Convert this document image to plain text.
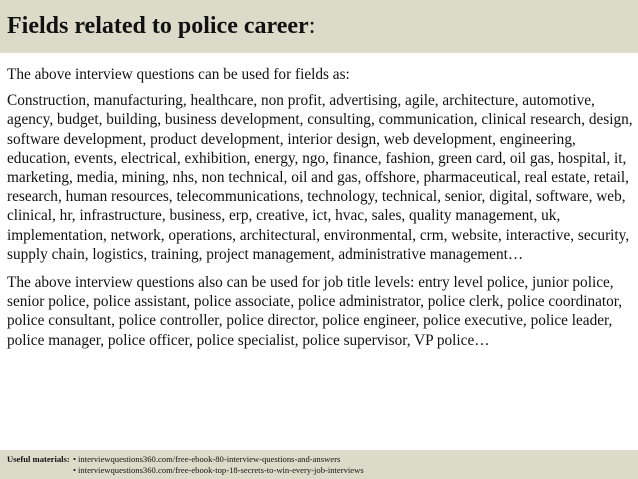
Fields related to police career:

The above interview questions can be used for fields as:

Construction, manufacturing, healthcare, non profit, advertising, agile, architecture, automotive, agency, budget, building, business development, consulting, communication, clinical research, design, software development, product development, interior design, web development, engineering, education, events, electrical, exhibition, energy, ngo, finance, fashion, green card, oil gas, hospital, it, marketing, media, mining, nhs, non technical, oil and gas, offshore, pharmaceutical, real estate, retail, research, human resources, telecommunications, technology, technical, senior, digital, software, web, clinical, hr, infrastructure, business, erp, creative, ict, hvac, sales, quality management, uk, implementation, network, operations, architectural, environmental, crm, website, interactive, security, supply chain, logistics, training, project management, administrative management…

The above interview questions also can be used for job title levels: entry level police, junior police, senior police, police assistant, police associate, police administrator, police clerk, police coordinator, police consultant, police controller, police director, police engineer, police executive, police leader, police manager, police officer, police specialist, police supervisor, VP police…

Useful materials: • interviewquestions360.com/free-ebook-80-interview-questions-and-answers
• interviewquestions360.com/free-ebook-top-18-secrets-to-win-every-job-interviews
